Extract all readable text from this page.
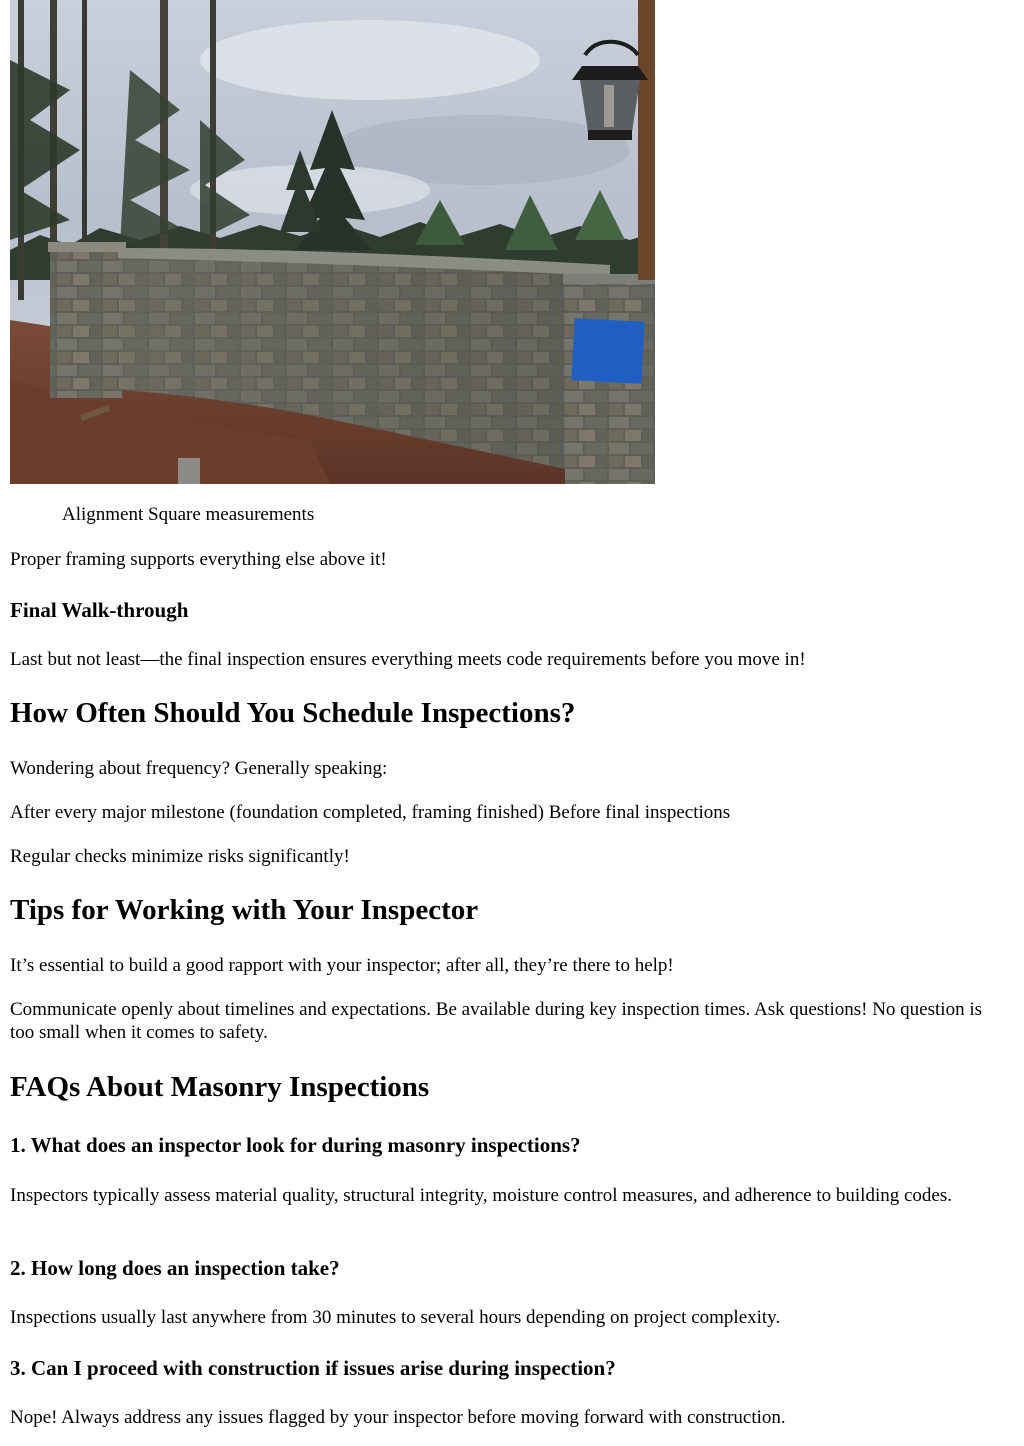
Alignment Square measurements

Proper framing supports everything else above it!

Final Walk-through

Last but not least—the final inspection ensures everything meets code requirements before you move in!

How Often Should You Schedule Inspections?

Wondering about frequency? Generally speaking:

After every major milestone (foundation completed, framing finished) Before final inspections

Regular checks minimize risks significantly!

Tips for Working with Your Inspector

It’s essential to build a good rapport with your inspector; after all, they’re there to help!

Communicate openly about timelines and expectations. Be available during key inspection times. Ask questions! No question is too small when it comes to safety.

FAQs About Masonry Inspections
1. What does an inspector look for during masonry inspections?

Inspectors typically assess material quality, structural integrity, moisture control measures, and adherence to building codes.

2. How long does an inspection take?

Inspections usually last anywhere from 30 minutes to several hours depending on project complexity.

3. Can I proceed with construction if issues arise during inspection?

Nope! Always address any issues flagged by your inspector before moving forward with construction.
